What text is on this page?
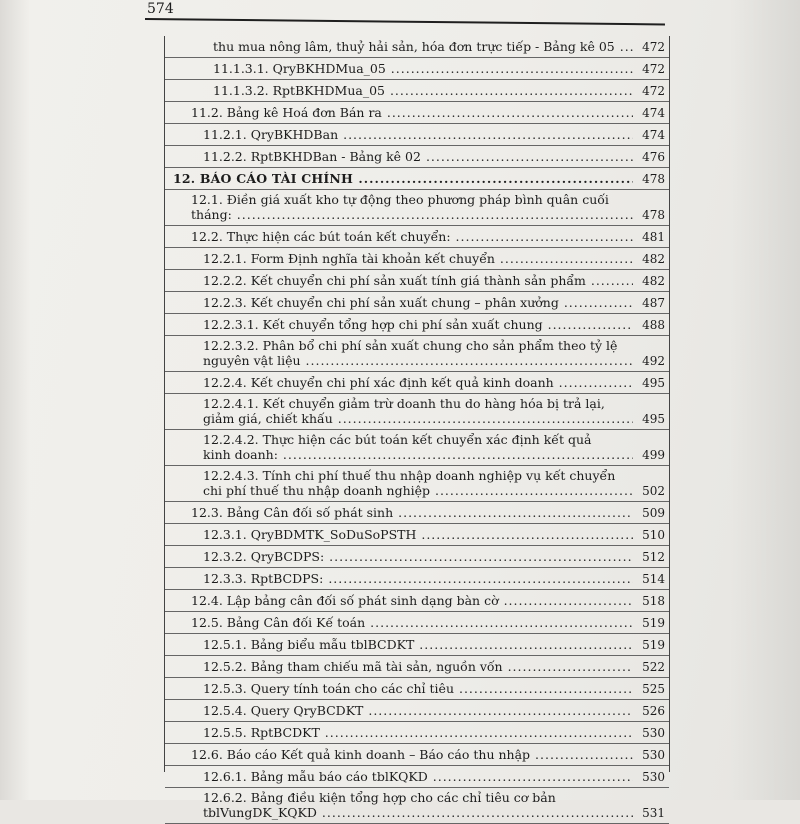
574
thu mua nông lâm, thuỷ hải sản, hóa đơn trực tiếp - Bảng kê 05 .....	472
11.1.3.1. QryBKHDMua_05 .....	472
11.1.3.2. RptBKHDMua_05 .....	472
11.2. Bảng kê Hoá đơn Bán ra .....	474
11.2.1. QryBKHDBan .....	474
11.2.2. RptBKHDBan - Bảng kê 02 .....	476
12. BÁO CÁO TÀI CHÍNH .....	478
12.1. Điền giá xuất kho tự động theo phương pháp bình quân cuối
tháng: .....	478
12.2. Thực hiện các bút toán kết chuyển: .....	481
12.2.1. Form Định nghĩa tài khoản kết chuyển .....	482
12.2.2. Kết chuyển chi phí sản xuất tính giá thành sản phẩm .....	482
12.2.3. Kết chuyển chi phí sản xuất chung – phân xưởng .....	487
12.2.3.1. Kết chuyển tổng hợp chi phí sản xuất chung .....	488
12.2.3.2. Phân bổ chi phí sản xuất chung cho sản phẩm theo tỷ lệ
nguyên vật liệu .....	492
12.2.4. Kết chuyển chi phí xác định kết quả kinh doanh .....	495
12.2.4.1. Kết chuyển giảm trừ doanh thu do hàng hóa bị trả lại,
giảm giá, chiết khấu .....	495
12.2.4.2. Thực hiện các bút toán kết chuyển xác định kết quả
kinh doanh: .....	499
12.2.4.3. Tính chi phí thuế thu nhập doanh nghiệp vụ kết chuyển
chi phí thuế thu nhập doanh nghiệp .....	502
12.3. Bảng Cân đối số phát sinh .....	509
12.3.1. QryBDMTK_SoDuSoPSTH .....	510
12.3.2. QryBCDPS: .....	512
12.3.3. RptBCDPS: .....	514
12.4. Lập bảng cân đối số phát sinh dạng bàn cờ .....	518
12.5. Bảng Cân đối Kế toán .....	519
12.5.1. Bảng biểu mẫu tblBCDKT .....	519
12.5.2. Bảng tham chiếu mã tài sản, nguồn vốn .....	522
12.5.3. Query tính toán cho các chỉ tiêu .....	525
12.5.4. Query QryBCDKT .....	526
12.5.5. RptBCDKT .....	530
12.6. Báo cáo Kết quả kinh doanh – Báo cáo thu nhập .....	530
12.6.1. Bảng mẫu báo cáo tblKQKD .....	530
12.6.2. Bảng điều kiện tổng hợp cho các chỉ tiêu cơ bản
tblVungDK_KQKD .....	531
